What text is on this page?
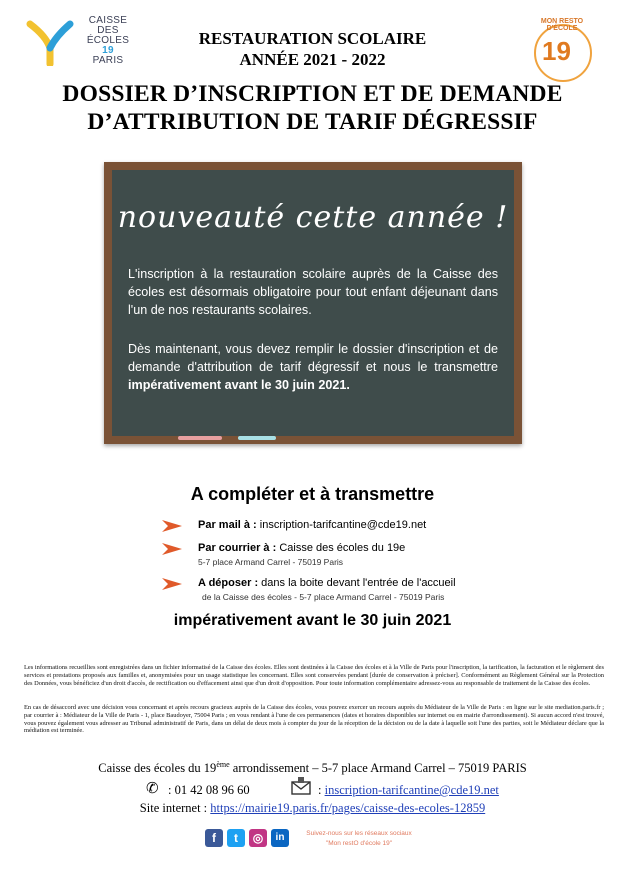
CAISSE
DES
ÉCOLES
19
PARIS
MON RESTO D'ÉCOLE
19
RESTAURATION SCOLAIRE
ANNÉE 2021 - 2022
DOSSIER D’INSCRIPTION ET DE DEMANDE
D’ATTRIBUTION DE TARIF DÉGRESSIF
nouveauté cette année !
L'inscription à la restauration scolaire auprès de la Caisse des écoles est désormais obligatoire pour tout enfant déjeunant dans l'un de nos restaurants scolaires.
Dès maintenant, vous devez remplir le dossier d'inscription et de demande d'attribution de tarif dégressif et nous le transmettre impérativement avant le 30 juin 2021.
A compléter et à transmettre
Par mail à : inscription-tarifcantine@cde19.net
Par courrier à : Caisse des écoles du 19e
5-7 place Armand Carrel - 75019 Paris
A déposer : dans la boite devant l'entrée de l'accueil
de la Caisse des écoles - 5-7 place Armand Carrel - 75019 Paris
impérativement avant le 30 juin 2021
Les informations recueillies sont enregistrées dans un fichier informatisé de la Caisse des écoles. Elles sont destinées à la Caisse des écoles et à la Ville de Paris pour l'inscription, la tarification, la facturation et le règlement des services et prestations proposés aux familles et, anonymisées pour un usage statistique les concernant. Elles sont conservées pendant [durée de conservation à préciser]. Conformément au Règlement Général sur la Protection des Données, vous bénéficiez d'un droit d'accès, de rectification ou d'effacement ainsi que d'un droit d'opposition. Pour toute information complémentaire adressez-vous au responsable de traitement de la Caisse des écoles.
En cas de désaccord avec une décision vous concernant et après recours gracieux auprès de la Caisse des écoles, vous pouvez exercer un recours auprès du Médiateur de la Ville de Paris : en ligne sur le site mediation.paris.fr ; par courrier à : Médiateur de la Ville de Paris - 1, place Baudoyer, 75004 Paris ; en vous rendant à l'une de ces permanences (dates et horaires disponibles sur internet ou en mairie d'arrondissement). Si aucun accord n'est trouvé, vous pouvez également vous adresser au Tribunal administratif de Paris, dans un délai de deux mois à compter du jour de la réception de la décision ou de la date à laquelle soit l'une des parties, soit le Médiateur déclare que la médiation est terminée.
Caisse des écoles du 19ème arrondissement – 5-7 place Armand Carrel – 75019 PARIS
✆ : 01 42 08 96 60	: inscription-tarifcantine@cde19.net
Site internet : https://mairie19.paris.fr/pages/caisse-des-ecoles-12859
f	t	◎	in	Suivez-nous sur les réseaux sociaux
"Mon restO d'école 19"
